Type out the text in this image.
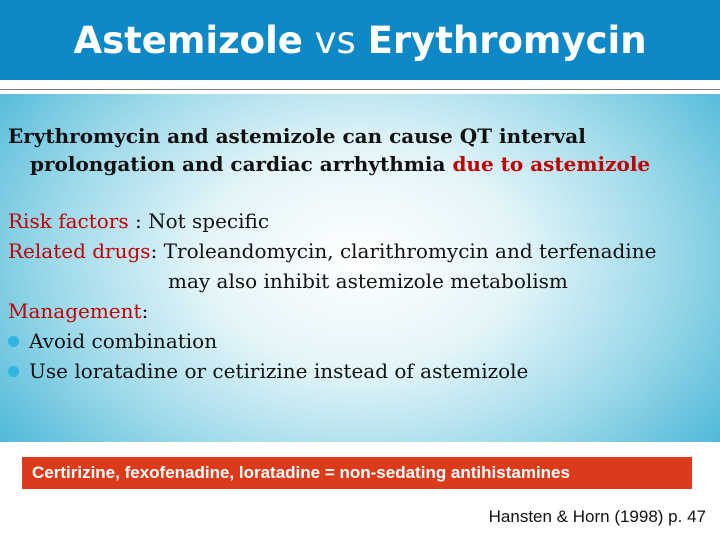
Astemizole vs Erythromycin

Erythromycin and astemizole can cause QT interval
prolongation and cardiac arrhythmia due to astemizole

Risk factors : Not specific

Related drugs: Troleandomycin, clarithromycin and terfenadine

may also inhibit astemizole metabolism

Management:

Avoid combination

Use loratadine or cetirizine instead of astemizole

Certirizine, fexofenadine, loratadine = non-sedating antihistamines
Hansten & Horn (1998) p. 47
